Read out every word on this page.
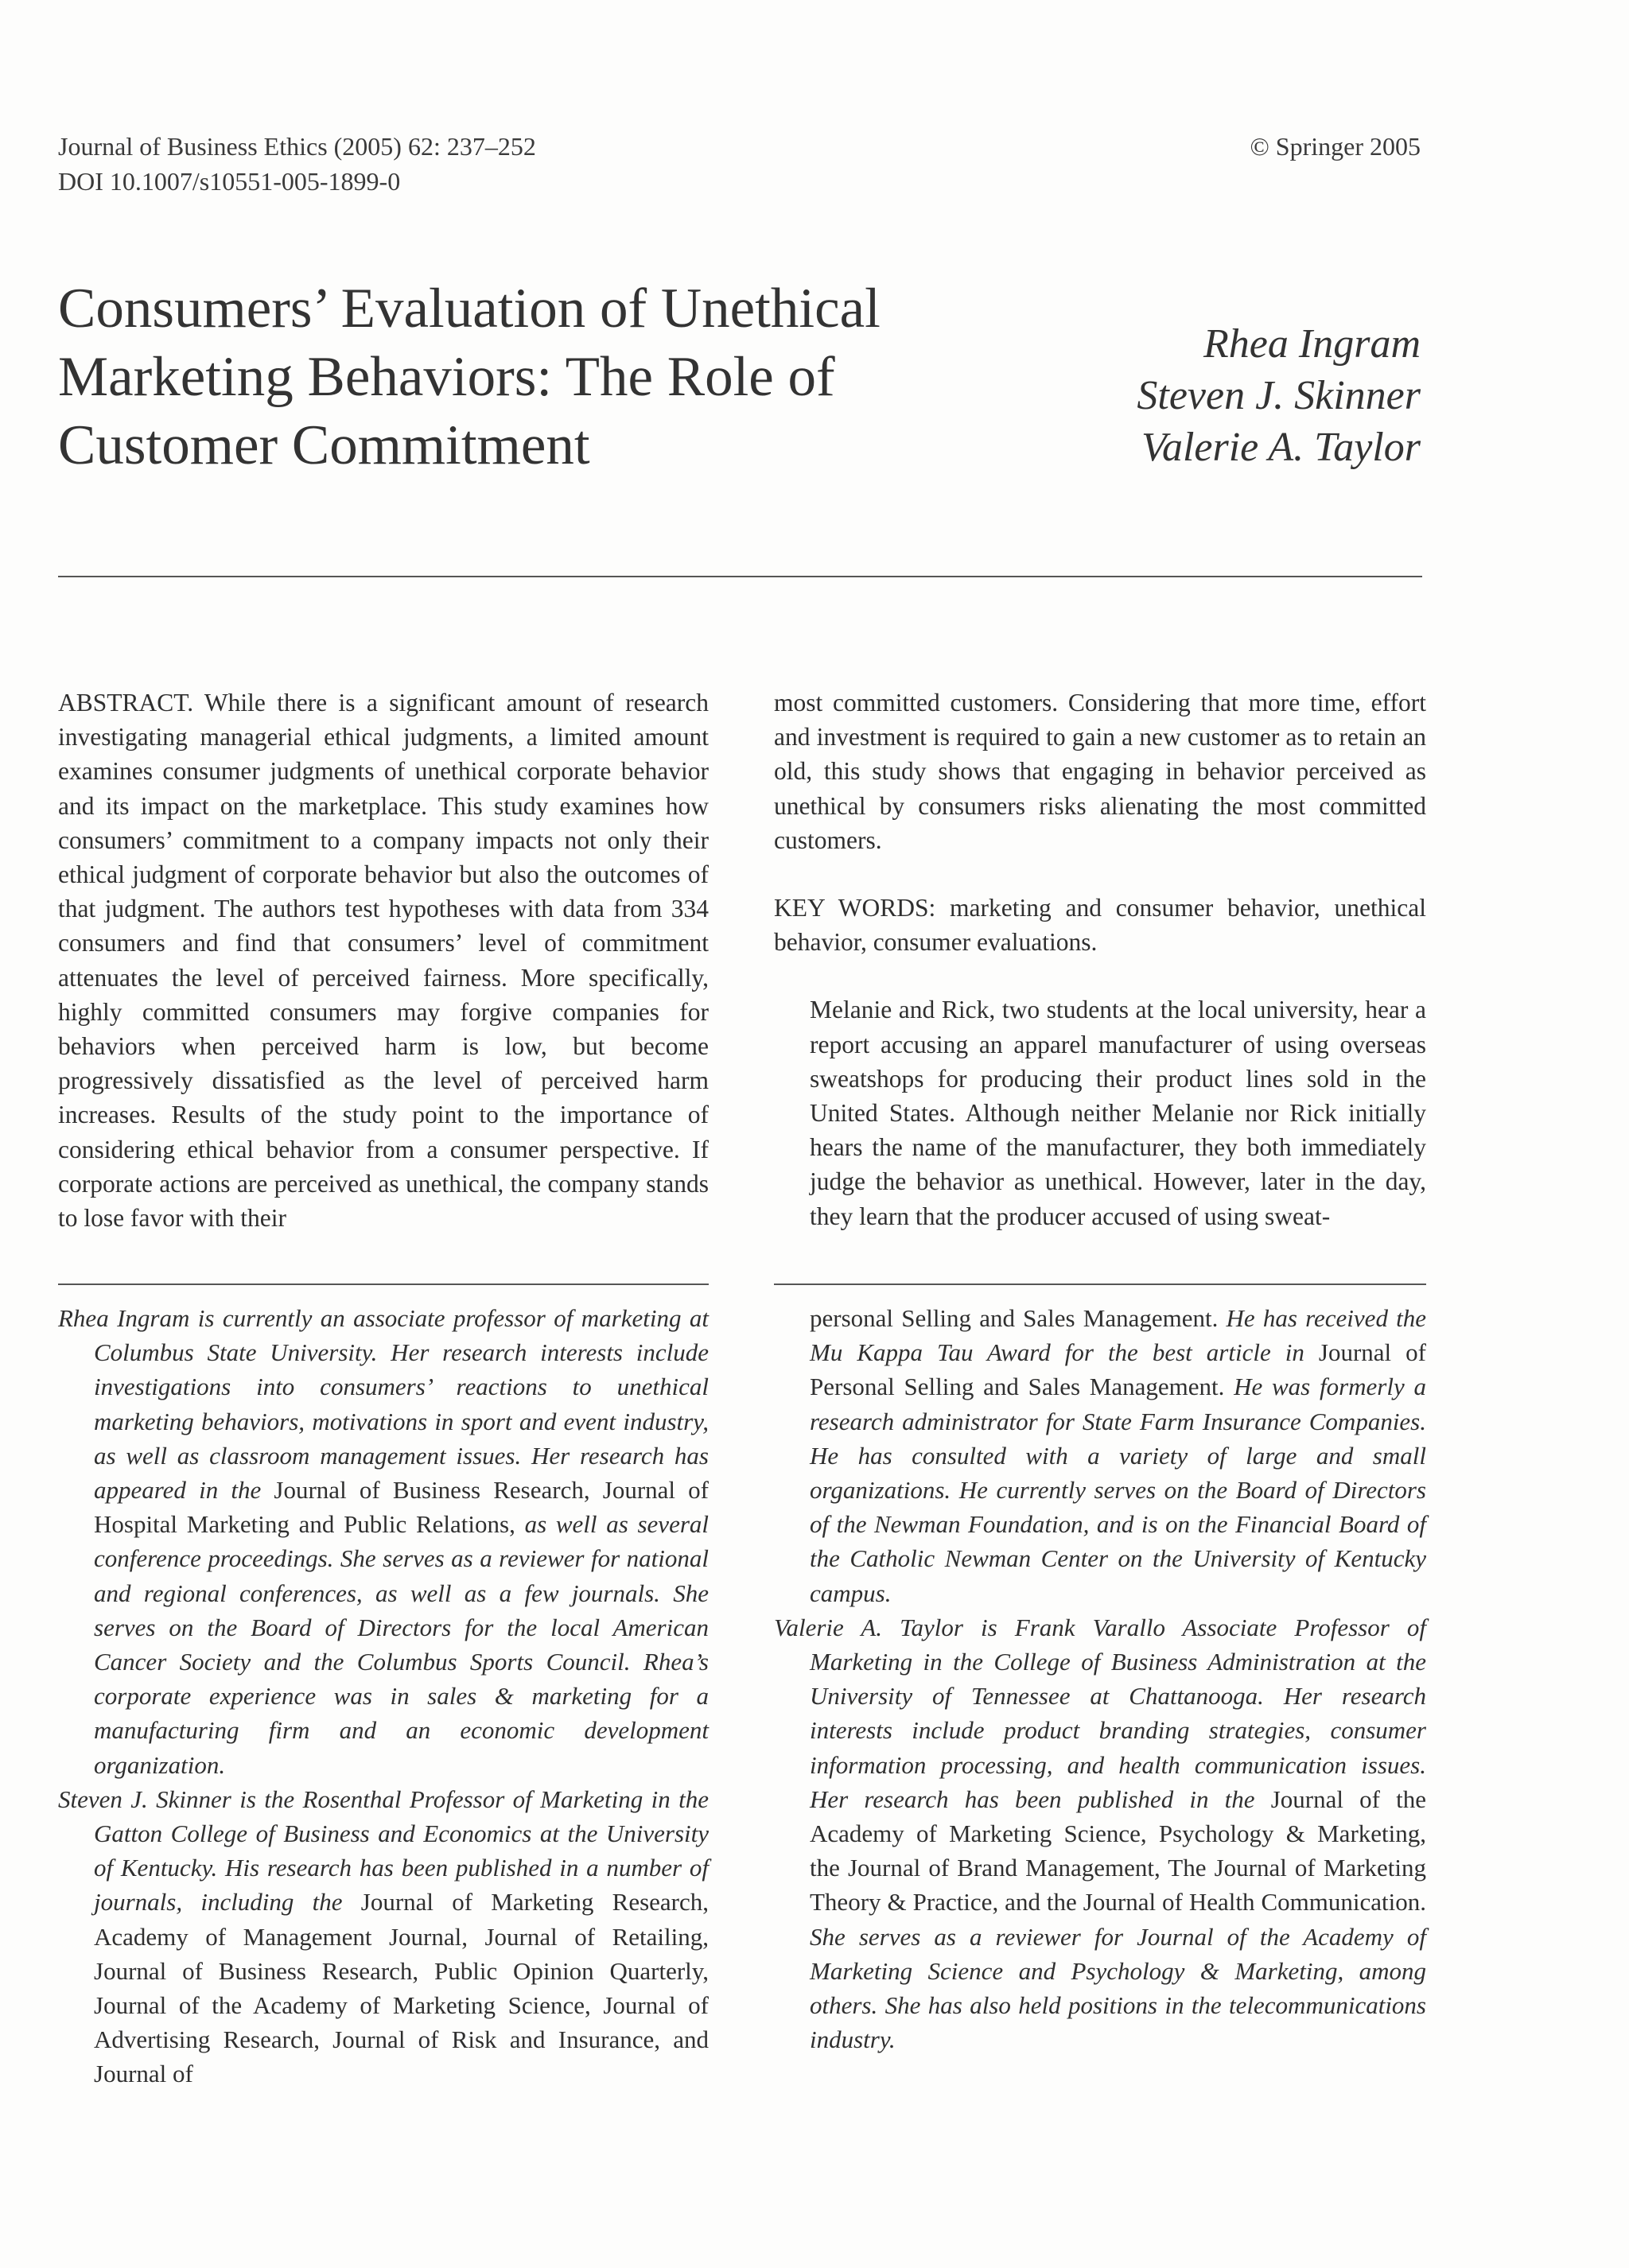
Journal of Business Ethics (2005) 62: 237–252
DOI 10.1007/s10551-005-1899-0
© Springer 2005
Consumers’ Evaluation of Unethical
Marketing Behaviors: The Role of
Customer Commitment
Rhea Ingram
Steven J. Skinner
Valerie A. Taylor

ABSTRACT. While there is a significant amount of research investigating managerial ethical judgments, a limited amount examines consumer judgments of unethical corporate behavior and its impact on the marketplace. This study examines how consumers’ commitment to a company impacts not only their ethical judgment of corporate behavior but also the outcomes of that judgment. The authors test hypotheses with data from 334 consumers and find that consumers’ level of commitment attenuates the level of perceived fairness. More specifically, highly committed consumers may forgive companies for behaviors when perceived harm is low, but become progressively dissatisfied as the level of perceived harm increases. Results of the study point to the importance of considering ethical behavior from a consumer perspective. If corporate actions are perceived as unethical, the company stands to lose favor with their

most committed customers. Considering that more time, effort and investment is required to gain a new customer as to retain an old, this study shows that engaging in behavior perceived as unethical by consumers risks alienating the most committed customers.

KEY WORDS: marketing and consumer behavior, unethical behavior, consumer evaluations.

Melanie and Rick, two students at the local university, hear a report accusing an apparel manufacturer of using overseas sweatshops for producing their product lines sold in the United States. Although neither Melanie nor Rick initially hears the name of the manufacturer, they both immediately judge the behavior as unethical. However, later in the day, they learn that the producer accused of using sweat-

Rhea Ingram is currently an associate professor of marketing at Columbus State University. Her research interests include investigations into consumers’ reactions to unethical marketing behaviors, motivations in sport and event industry, as well as classroom management issues. Her research has appeared in the Journal of Business Research, Journal of Hospital Marketing and Public Relations, as well as several conference proceedings. She serves as a reviewer for national and regional conferences, as well as a few journals. She serves on the Board of Directors for the local American Cancer Society and the Columbus Sports Council. Rhea’s corporate experience was in sales & marketing for a manufacturing firm and an economic development organization.

Steven J. Skinner is the Rosenthal Professor of Marketing in the Gatton College of Business and Economics at the University of Kentucky. His research has been published in a number of journals, including the Journal of Marketing Research, Academy of Management Journal, Journal of Retailing, Journal of Business Research, Public Opinion Quarterly, Journal of the Academy of Marketing Science, Journal of Advertising Research, Journal of Risk and Insurance, and Journal of

personal Selling and Sales Management. He has received the Mu Kappa Tau Award for the best article in Journal of Personal Selling and Sales Management. He was formerly a research administrator for State Farm Insurance Companies. He has consulted with a variety of large and small organizations. He currently serves on the Board of Directors of the Newman Foundation, and is on the Financial Board of the Catholic Newman Center on the University of Kentucky campus.

Valerie A. Taylor is Frank Varallo Associate Professor of Marketing in the College of Business Administration at the University of Tennessee at Chattanooga. Her research interests include product branding strategies, consumer information processing, and health communication issues. Her research has been published in the Journal of the Academy of Marketing Science, Psychology & Marketing, the Journal of Brand Management, The Journal of Marketing Theory & Practice, and the Journal of Health Communication. She serves as a reviewer for Journal of the Academy of Marketing Science and Psychology & Marketing, among others. She has also held positions in the telecommunications industry.
